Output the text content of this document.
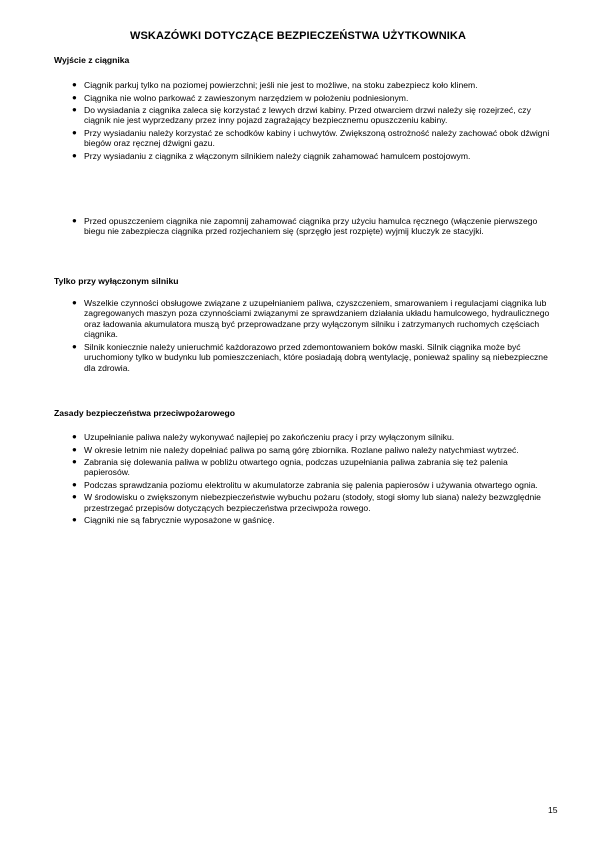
WSKAZÓWKI DOTYCZĄCE BEZPIECZEŃSTWA UŻYTKOWNIKA
Wyjście z ciągnika
● Ciągnik parkuj tylko na poziomej powierzchni; jeśli nie jest to możliwe, na stoku zabezpiecz koło klinem.
● Ciągnika nie wolno parkować z zawieszonym narzędziem w położeniu podniesionym.
● Do wysiadania z ciągnika zaleca się korzystać z lewych drzwi kabiny. Przed otwarciem drzwi należy się rozejrzeć, czy ciągnik nie jest wyprzedzany przez inny pojazd zagrażający bezpiecznemu opuszczeniu kabiny.
● Przy wysiadaniu należy korzystać ze schodków kabiny i uchwytów. Zwiększoną ostrożność należy zachować obok dźwigni biegów oraz ręcznej dźwigni gazu.
● Przy wysiadaniu z ciągnika z włączonym silnikiem należy ciągnik zahamować hamulcem postojowym.
● Przed opuszczeniem ciągnika nie zapomnij zahamować ciągnika przy użyciu hamulca ręcznego (włączenie pierwszego biegu nie zabezpiecza ciągnika przed rozjechaniem się (sprzęgło jest rozpięte) wyjmij kluczyk ze stacyjki.
Tylko przy wyłączonym silniku
● Wszelkie czynności obsługowe związane z uzupełnianiem paliwa, czyszczeniem, smarowaniem i regulacjami ciągnika lub zagregowanych maszyn poza czynnościami związanymi ze sprawdzaniem działania układu hamulcowego, hydraulicznego oraz ładowania akumulatora muszą być przeprowadzane przy wyłączonym silniku i zatrzymanych ruchomych częściach ciągnika.
● Silnik koniecznie należy unieruchmić każdorazowo przed zdemontowaniem boków maski. Silnik ciągnika może być uruchomiony tylko w budynku lub pomieszczeniach, które posiadają dobrą wentylację, ponieważ spaliny są niebezpieczne dla zdrowia.
Zasady bezpieczeństwa przeciwpożarowego
● Uzupełnianie paliwa należy wykonywać najlepiej po zakończeniu pracy i przy wyłączonym silniku.
● W okresie letnim nie należy dopełniać paliwa po samą górę zbiornika. Rozlane paliwo należy natychmiast wytrzeć.
● Zabrania się dolewania paliwa w pobliżu otwartego ognia, podczas uzupełniania paliwa zabrania się też palenia papierosów.
● Podczas sprawdzania poziomu elektrolitu w akumulatorze zabrania się palenia papierosów i używania otwartego ognia.
● W środowisku o zwiększonym niebezpieczeństwie wybuchu pożaru (stodoły, stogi słomy lub siana) należy bezwzględnie przestrzegać przepisów dotyczących bezpieczeństwa przeciwpoża rowego.
● Ciągniki nie są fabrycznie wyposażone w gaśnicę.
15
